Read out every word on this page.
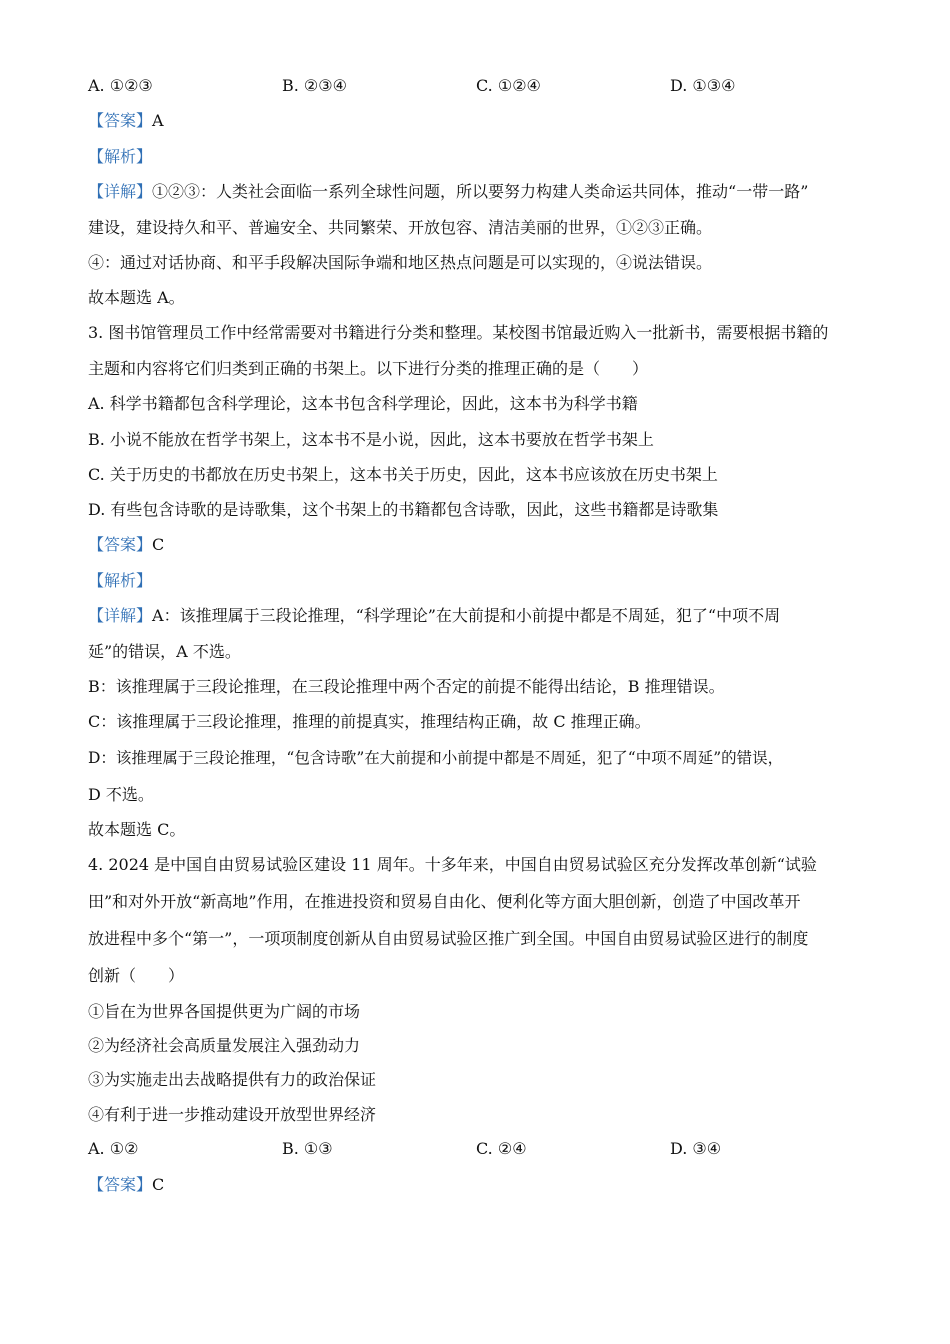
A. ①②③	B. ②③④	C. ①②④	D. ①③④
【答案】A
【解析】
【详解】①②③：人类社会面临一系列全球性问题，所以要努力构建人类命运共同体，推动“一带一路”
建设，建设持久和平、普遍安全、共同繁荣、开放包容、清洁美丽的世界，①②③正确。
④：通过对话协商、和平手段解决国际争端和地区热点问题是可以实现的，④说法错误。
故本题选 A。
3. 图书馆管理员工作中经常需要对书籍进行分类和整理。某校图书馆最近购入一批新书，需要根据书籍的
主题和内容将它们归类到正确的书架上。以下进行分类的推理正确的是（　　）
A. 科学书籍都包含科学理论，这本书包含科学理论，因此，这本书为科学书籍
B. 小说不能放在哲学书架上，这本书不是小说，因此，这本书要放在哲学书架上
C. 关于历史的书都放在历史书架上，这本书关于历史，因此，这本书应该放在历史书架上
D. 有些包含诗歌的是诗歌集，这个书架上的书籍都包含诗歌，因此，这些书籍都是诗歌集
【答案】C
【解析】
【详解】A：该推理属于三段论推理，“科学理论”在大前提和小前提中都是不周延，犯了“中项不周
延”的错误，A 不选。
B：该推理属于三段论推理，在三段论推理中两个否定的前提不能得出结论，B 推理错误。
C：该推理属于三段论推理，推理的前提真实，推理结构正确，故 C 推理正确。
D：该推理属于三段论推理，“包含诗歌”在大前提和小前提中都是不周延，犯了“中项不周延”的错误，
D 不选。
故本题选 C。
4. 2024 是中国自由贸易试验区建设 11 周年。十多年来，中国自由贸易试验区充分发挥改革创新“试验
田”和对外开放“新高地”作用，在推进投资和贸易自由化、便利化等方面大胆创新，创造了中国改革开
放进程中多个“第一”，一项项制度创新从自由贸易试验区推广到全国。中国自由贸易试验区进行的制度
创新（　　）
①旨在为世界各国提供更为广阔的市场
②为经济社会高质量发展注入强劲动力
③为实施走出去战略提供有力的政治保证
④有利于进一步推动建设开放型世界经济
A. ①②	B. ①③	C. ②④	D. ③④
【答案】C
